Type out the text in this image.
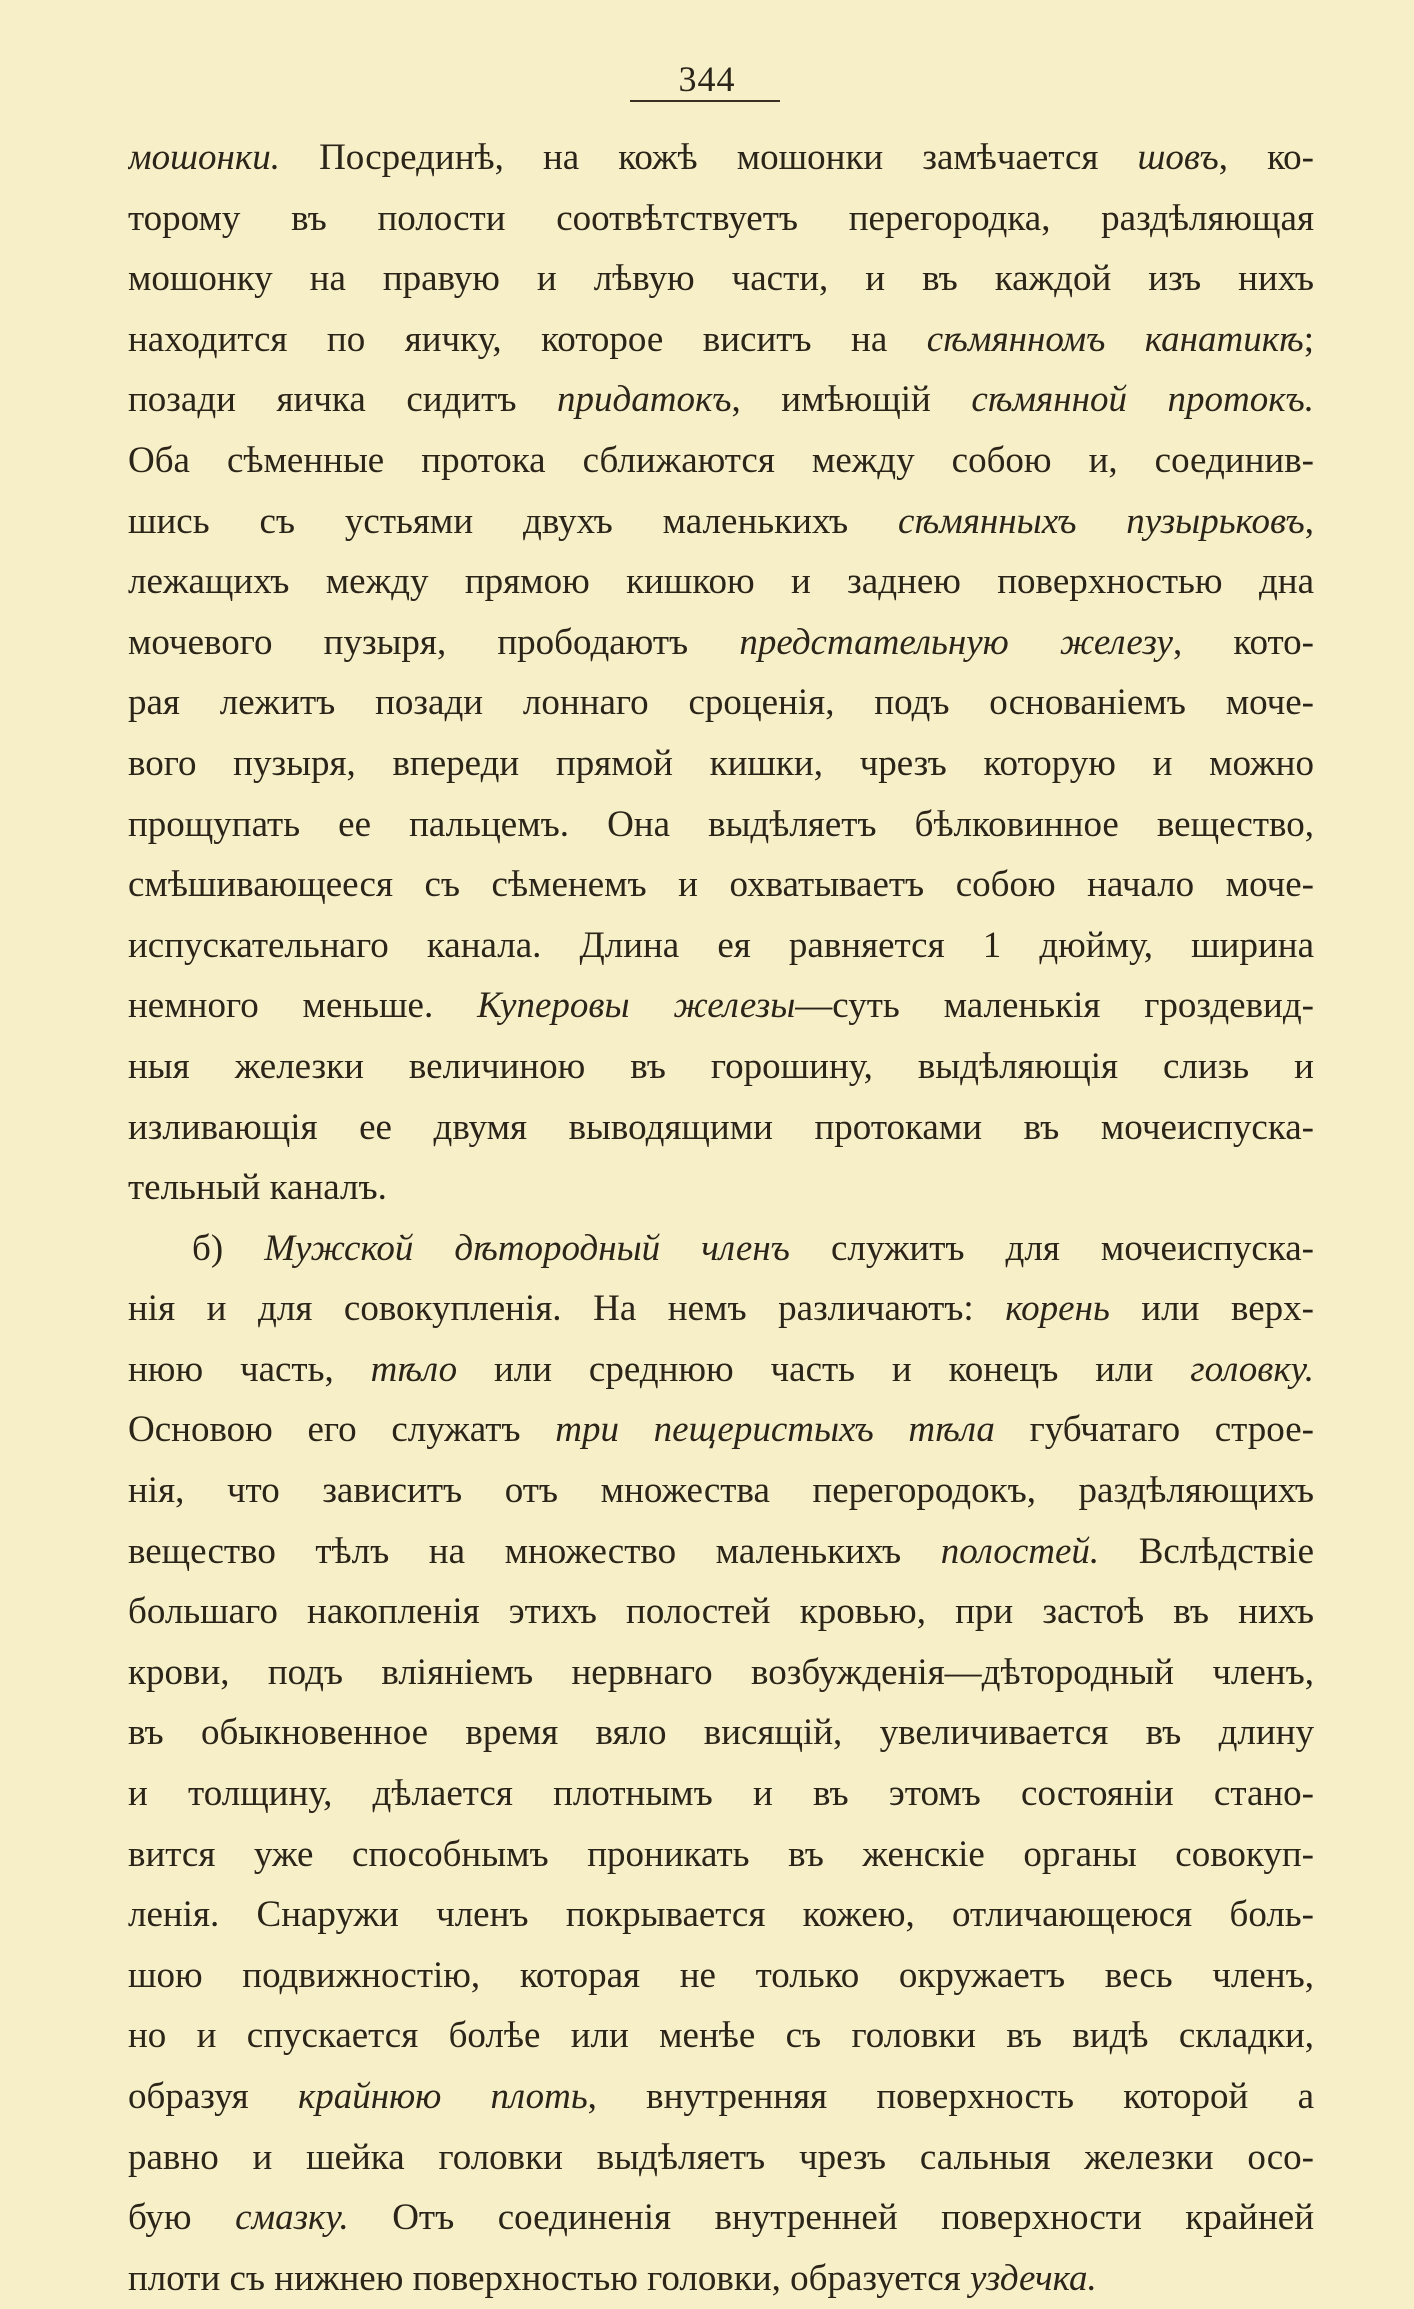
344
мошонки. Посрединѣ, на кожѣ мошонки замѣчается шовъ, ко-
торому въ полости соотвѣтствуетъ перегородка, раздѣляющая
мошонку на правую и лѣвую части, и въ каждой изъ нихъ
находится по яичку, которое виситъ на сѣмянномъ канатикѣ;
позади яичка сидитъ придатокъ, имѣющій сѣмянной протокъ.
Оба сѣменные протока сближаются между собою и, соединив-
шись съ устьями двухъ маленькихъ сѣмянныхъ пузырьковъ,
лежащихъ между прямою кишкою и заднею поверхностью дна
мочевого пузыря, прободаютъ предстательную железу, кото-
рая лежитъ позади лоннаго сроценія, подъ основаніемъ моче-
вого пузыря, впереди прямой кишки, чрезъ которую и можно
прощупать ее пальцемъ. Она выдѣляетъ бѣлковинное вещество,
смѣшивающееся съ сѣменемъ и охватываетъ собою начало моче-
испускательнаго канала. Длина ея равняется 1 дюйму, ширина
немного меньше. Куперовы железы—суть маленькія гроздевид-
ныя железки величиною въ горошину, выдѣляющія слизь и
изливающія ее двумя выводящими протоками въ мочеиспуска-
тельный каналъ.
б) Мужской дѣтородный членъ служитъ для мочеиспуска-
нія и для совокупленія. На немъ различаютъ: корень или верх-
нюю часть, тѣло или среднюю часть и конецъ или головку.
Основою его служатъ три пещеристыхъ тѣла губчатаго строе-
нія, что зависитъ отъ множества перегородокъ, раздѣляющихъ
вещество тѣлъ на множество маленькихъ полостей. Вслѣдствіе
большаго накопленія этихъ полостей кровью, при застоѣ въ нихъ
крови, подъ вліяніемъ нервнаго возбужденія—дѣтородный членъ,
въ обыкновенное время вяло висящій, увеличивается въ длину
и толщину, дѣлается плотнымъ и въ этомъ состояніи стано-
вится уже способнымъ проникать въ женскіе органы совокуп-
ленія. Снаружи членъ покрывается кожею, отличающеюся боль-
шою подвижностію, которая не только окружаетъ весь членъ,
но и спускается болѣе или менѣе съ головки въ видѣ складки,
образуя крайнюю плоть, внутренняя поверхность которой а
равно и шейка головки выдѣляетъ чрезъ сальныя железки осо-
бую смазку. Отъ соединенія внутренней поверхности крайней
плоти съ нижнею поверхностью головки, образуется уздечка.
